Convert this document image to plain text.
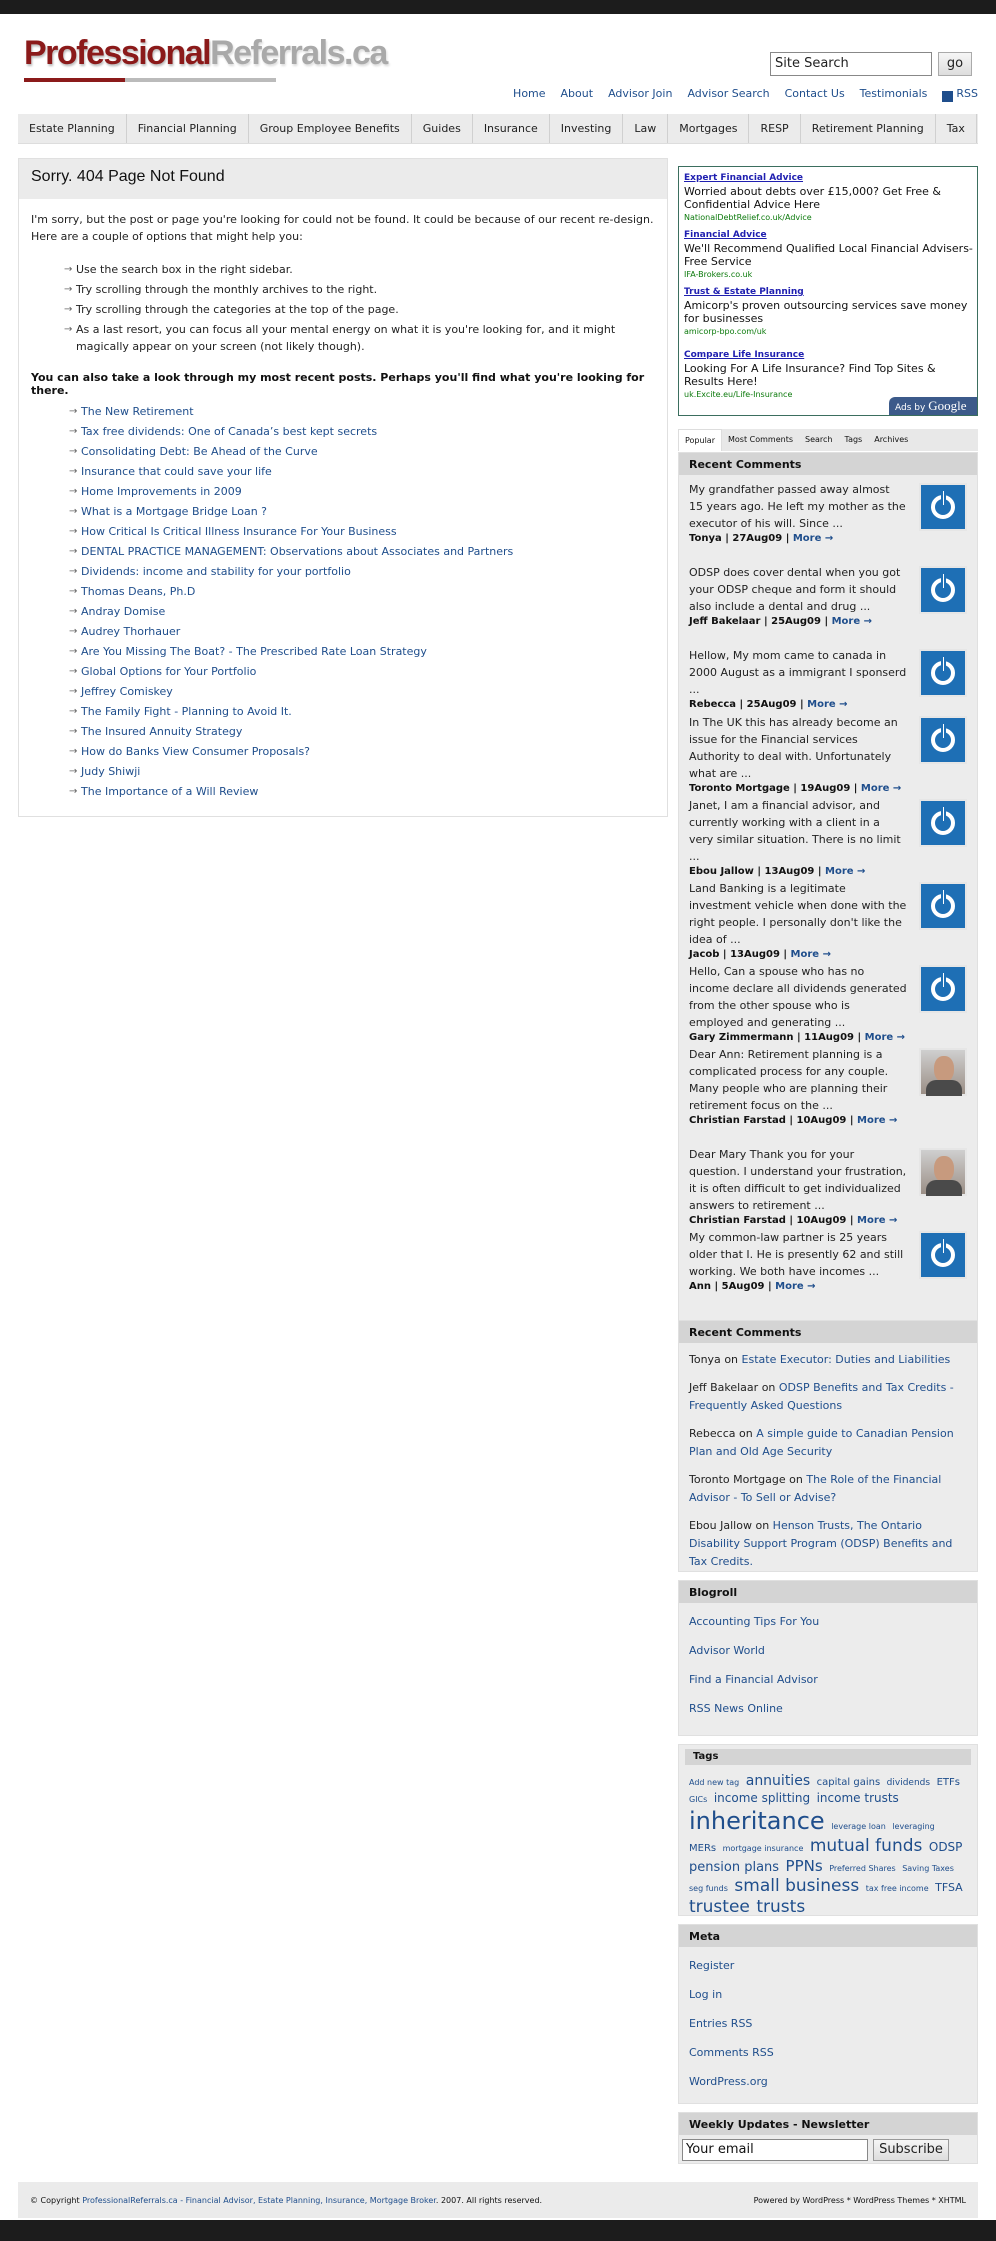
ProfessionalReferrals.ca	Site Search	go
Home About Advisor Join Advisor Search Contact Us Testimonials ◉ RSS
Estate Planning	Financial Planning	Group Employee Benefits	Guides	Insurance	Investing	Law	Mortgages	RESP	Retirement Planning	Tax
Sorry. 404 Page Not Found
I'm sorry, but the post or page you're looking for could not be found. It could be because of our recent re-design. Here are a couple of options that might help you:
→ Use the search box in the right sidebar.
→ Try scrolling through the monthly archives to the right.
→ Try scrolling through the categories at the top of the page.
→ As a last resort, you can focus all your mental energy on what it is you're looking for, and it might magically appear on your screen (not likely though).
You can also take a look through my most recent posts. Perhaps you'll find what you're looking for there.
→ The New Retirement
→ Tax free dividends: One of Canada’s best kept secrets
→ Consolidating Debt: Be Ahead of the Curve
→ Insurance that could save your life
→ Home Improvements in 2009
→ What is a Mortgage Bridge Loan ?
→ How Critical Is Critical Illness Insurance For Your Business
→ DENTAL PRACTICE MANAGEMENT: Observations about Associates and Partners
→ Dividends: income and stability for your portfolio
→ Thomas Deans, Ph.D
→ Andray Domise
→ Audrey Thorhauer
→ Are You Missing The Boat? - The Prescribed Rate Loan Strategy
→ Global Options for Your Portfolio
→ Jeffrey Comiskey
→ The Family Fight - Planning to Avoid It.
→ The Insured Annuity Strategy
→ How do Banks View Consumer Proposals?
→ Judy Shiwji
→ The Importance of a Will Review
Expert Financial Advice
Worried about debts over £15,000? Get Free & Confidential Advice Here
NationalDebtRelief.co.uk/Advice
Financial Advice
We'll Recommend Qualified Local Financial Advisers-Free Service
IFA-Brokers.co.uk
Trust & Estate Planning
Amicorp's proven outsourcing services save money for businesses
amicorp-bpo.com/uk
Compare Life Insurance
Looking For A Life Insurance? Find Top Sites & Results Here!
uk.Excite.eu/Life-Insurance
Ads by Google
Popular	Most Comments	Search	Tags	Archives
Recent Comments
My grandfather passed away almost 15 years ago. He left my mother as the executor of his will. Since ...
Tonya | 27Aug09 | More →
ODSP does cover dental when you got your ODSP cheque and form it should also include a dental and drug ...
Jeff Bakelaar | 25Aug09 | More →
Hellow, My mom came to canada in 2000 August as a immigrant I sponserd ...
Rebecca | 25Aug09 | More →
In The UK this has already become an issue for the Financial services Authority to deal with. Unfortunately what are ...
Toronto Mortgage | 19Aug09 | More →
Janet, I am a financial advisor, and currently working with a client in a very similar situation. There is no limit ...
Ebou Jallow | 13Aug09 | More →
Land Banking is a legitimate investment vehicle when done with the right people. I personally don't like the idea of ...
Jacob | 13Aug09 | More →
Hello, Can a spouse who has no income declare all dividends generated from the other spouse who is employed and generating ...
Gary Zimmermann | 11Aug09 | More →
Dear Ann: Retirement planning is a complicated process for any couple. Many people who are planning their retirement focus on the ...
Christian Farstad | 10Aug09 | More →
Dear Mary Thank you for your question. I understand your frustration, it is often difficult to get individualized answers to retirement ...
Christian Farstad | 10Aug09 | More →
My common-law partner is 25 years older that I. He is presently 62 and still working. We both have incomes ...
Ann | 5Aug09 | More →
Recent Comments
Tonya on Estate Executor: Duties and Liabilities
Jeff Bakelaar on ODSP Benefits and Tax Credits - Frequently Asked Questions
Rebecca on A simple guide to Canadian Pension Plan and Old Age Security
Toronto Mortgage on The Role of the Financial Advisor - To Sell or Advise?
Ebou Jallow on Henson Trusts, The Ontario Disability Support Program (ODSP) Benefits and Tax Credits.
Blogroll
Accounting Tips For You
Advisor World
Find a Financial Advisor
RSS News Online
Tags
Add new tag annuities capital gains dividends ETFs GICs income splitting income trusts inheritance leverage loan leveraging MERs mortgage insurance mutual funds ODSP pension plans PPNs Preferred Shares Saving Taxes seg funds small business tax free income TFSA trustee trusts
Meta
Register
Log in
Entries RSS
Comments RSS
WordPress.org
Weekly Updates - Newsletter
Your email	Subscribe
© Copyright ProfessionalReferrals.ca - Financial Advisor, Estate Planning, Insurance, Mortgage Broker. 2007. All rights reserved.	Powered by WordPress * WordPress Themes * XHTML
